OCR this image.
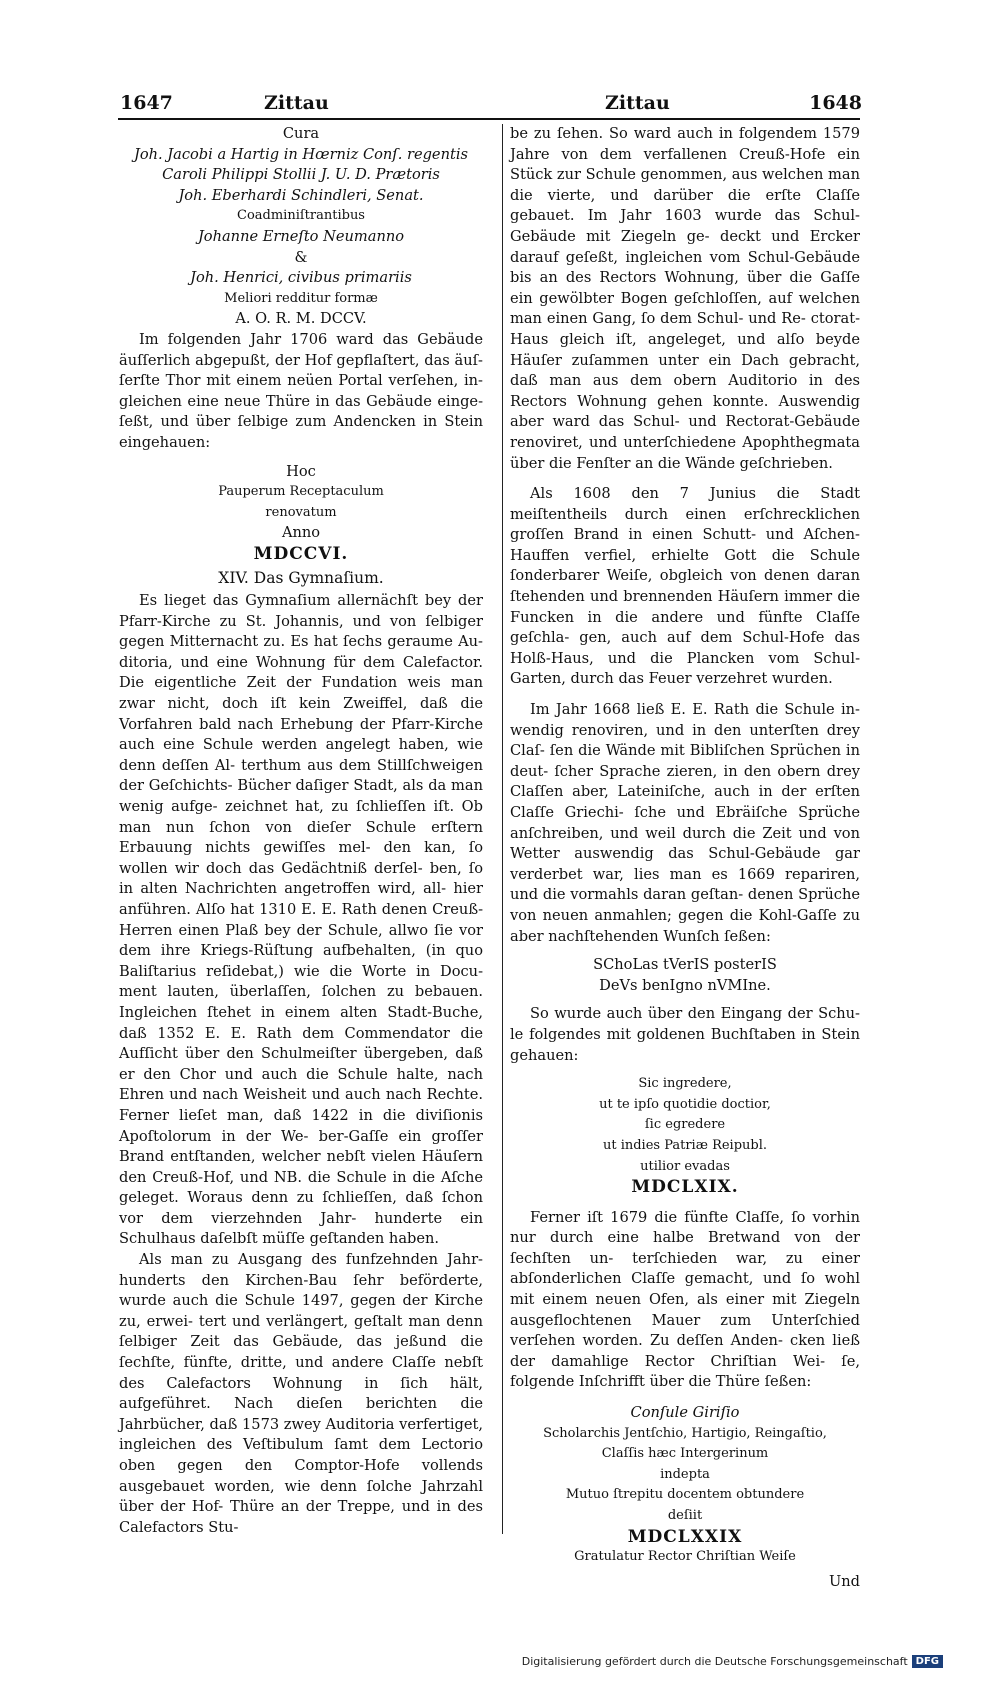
1647	Zittau	Zittau	1648

Cura

Joh. Jacobi a Hartig in Hœrniz Conſ. regentis

Caroli Philippi Stollii J. U. D. Prætoris

Joh. Eberhardi Schindleri, Senat.

Coadminiſtrantibus

Johanne Erneſto Neumanno

&

Joh. Henrici, civibus primariis

Meliori redditur formæ

A. O. R. M. DCCV.

Im folgenden Jahr 1706 ward das Gebäude äuſſerlich abgepußt, der Hof gepflaſtert, das äuſ- ſerſte Thor mit einem neüen Portal verſehen, in- gleichen eine neue Thüre in das Gebäude einge- ſeßt, und über ſelbige zum Andencken in Stein eingehauen:

Hoc

Pauperum Receptaculum

renovatum

Anno

MDCCVI.

XIV. Das Gymnaſium.

Es lieget das Gymnaſium allernächſt bey der Pfarr-Kirche zu St. Johannis, und von ſelbiger gegen Mitternacht zu. Es hat ſechs geraume Au- ditoria, und eine Wohnung für dem Calefactor. Die eigentliche Zeit der Fundation weis man zwar nicht, doch iſt kein Zweiffel, daß die Vorfahren bald nach Erhebung der Pfarr-Kirche auch eine Schule werden angelegt haben, wie denn deſſen Al- terthum aus dem Stillſchweigen der Geſchichts- Bücher daſiger Stadt, als da man wenig aufge- zeichnet hat, zu ſchlieſſen iſt. Ob man nun ſchon von dieſer Schule erſtern Erbauung nichts gewiſſes mel- den kan, ſo wollen wir doch das Gedächtniß derſel- ben, ſo in alten Nachrichten angetroffen wird, all- hier anführen. Alſo hat 1310 E. E. Rath denen Creuß-Herren einen Plaß bey der Schule, allwo ſie vor dem ihre Kriegs-Rüſtung aufbehalten, (in quo Baliſtarius reſidebat,) wie die Worte in Docu- ment lauten, überlaſſen, ſolchen zu bebauen. Ingleichen ſtehet in einem alten Stadt-Buche, daß 1352 E. E. Rath dem Commendator die Aufſicht über den Schulmeiſter übergeben, daß er den Chor und auch die Schule halte, nach Ehren und nach Weisheit und auch nach Rechte. Ferner lieſet man, daß 1422 in die diviſionis Apoſtolorum in der We- ber-Gaſſe ein groſſer Brand entſtanden, welcher nebſt vielen Häuſern den Creuß-Hof, und NB. die Schule in die Aſche geleget. Woraus denn zu ſchlieſſen, daß ſchon vor dem vierzehnden Jahr- hunderte ein Schulhaus daſelbſt müſſe geſtanden haben.

Als man zu Ausgang des funfzehnden Jahr- hunderts den Kirchen-Bau ſehr beförderte, wurde auch die Schule 1497, gegen der Kirche zu, erwei- tert und verlängert, geſtalt man denn ſelbiger Zeit das Gebäude, das jeßund die ſechſte, fünfte, dritte, und andere Claſſe nebſt des Calefactors Wohnung in ſich hält, aufgeführet. Nach dieſen berichten die Jahrbücher, daß 1573 zwey Auditoria verfertiget, ingleichen des Veſtibulum ſamt dem Lectorio oben gegen den Comptor-Hofe vollends ausgebauet worden, wie denn ſolche Jahrzahl über der Hof- Thüre an der Treppe, und in des Calefactors Stu-

be zu ſehen. So ward auch in folgendem 1579 Jahre von dem verfallenen Creuß-Hofe ein Stück zur Schule genommen, aus welchen man die vierte, und darüber die erſte Claſſe gebauet. Im Jahr 1603 wurde das Schul-Gebäude mit Ziegeln ge- deckt und Ercker darauf geſeßt, ingleichen vom Schul-Gebäude bis an des Rectors Wohnung, über die Gaſſe ein gewölbter Bogen geſchloſſen, auf welchen man einen Gang, ſo dem Schul- und Re- ctorat-Haus gleich iſt, angeleget, und alſo beyde Häuſer zuſammen unter ein Dach gebracht, daß man aus dem obern Auditorio in des Rectors Wohnung gehen konnte. Auswendig aber ward das Schul- und Rectorat-Gebäude renoviret, und unterſchiedene Apophthegmata über die Fenſter an die Wände geſchrieben.

Als 1608 den 7 Junius die Stadt meiſtentheils durch einen erſchrecklichen groſſen Brand in einen Schutt- und Aſchen-Hauffen verfiel, erhielte Gott die Schule ſonderbarer Weiſe, obgleich von denen daran ſtehenden und brennenden Häuſern immer die Funcken in die andere und fünfte Claſſe geſchla- gen, auch auf dem Schul-Hofe das Holß-Haus, und die Plancken vom Schul-Garten, durch das Feuer verzehret wurden.

Im Jahr 1668 ließ E. E. Rath die Schule in- wendig renoviren, und in den unterſten drey Claſ- ſen die Wände mit Bibliſchen Sprüchen in deut- ſcher Sprache zieren, in den obern drey Claſſen aber, Lateiniſche, auch in der erſten Claſſe Griechi- ſche und Ebräiſche Sprüche anſchreiben, und weil durch die Zeit und von Wetter auswendig das Schul-Gebäude gar verderbet war, lies man es 1669 repariren, und die vormahls daran geſtan- denen Sprüche von neuen anmahlen; gegen die Kohl-Gaſſe zu aber nachſtehenden Wunſch ſeßen:

SChoLas tVerIS posterIS

DeVs benIgno nVMIne.

So wurde auch über den Eingang der Schu- le folgendes mit goldenen Buchſtaben in Stein gehauen:

Sic ingredere,

ut te ipſo quotidie doctior,

ſic egredere

ut indies Patriæ Reipubl.

utilior evadas

MDCLXIX.

Ferner iſt 1679 die fünfte Claſſe, ſo vorhin nur durch eine halbe Bretwand von der ſechſten un- terſchieden war, zu einer abſonderlichen Claſſe gemacht, und ſo wohl mit einem neuen Ofen, als einer mit Ziegeln ausgeflochtenen Mauer zum Unterſchied verſehen worden. Zu deſſen Anden- cken ließ der damahlige Rector Chriſtian Wei- ſe, folgende Inſchrifft über die Thüre ſeßen:

Conſule Giriſio

Scholarchis Jentſchio, Hartigio, Reingaſtio,

Claſſis hæc Intergerinum

indepta

Mutuo ſtrepitu docentem obtundere

deſiit

MDCLXXIX

Gratulatur Rector Chriſtian Weiſe

Und
Digitalisierung gefördert durch die Deutsche Forschungsgemeinschaft DFG
